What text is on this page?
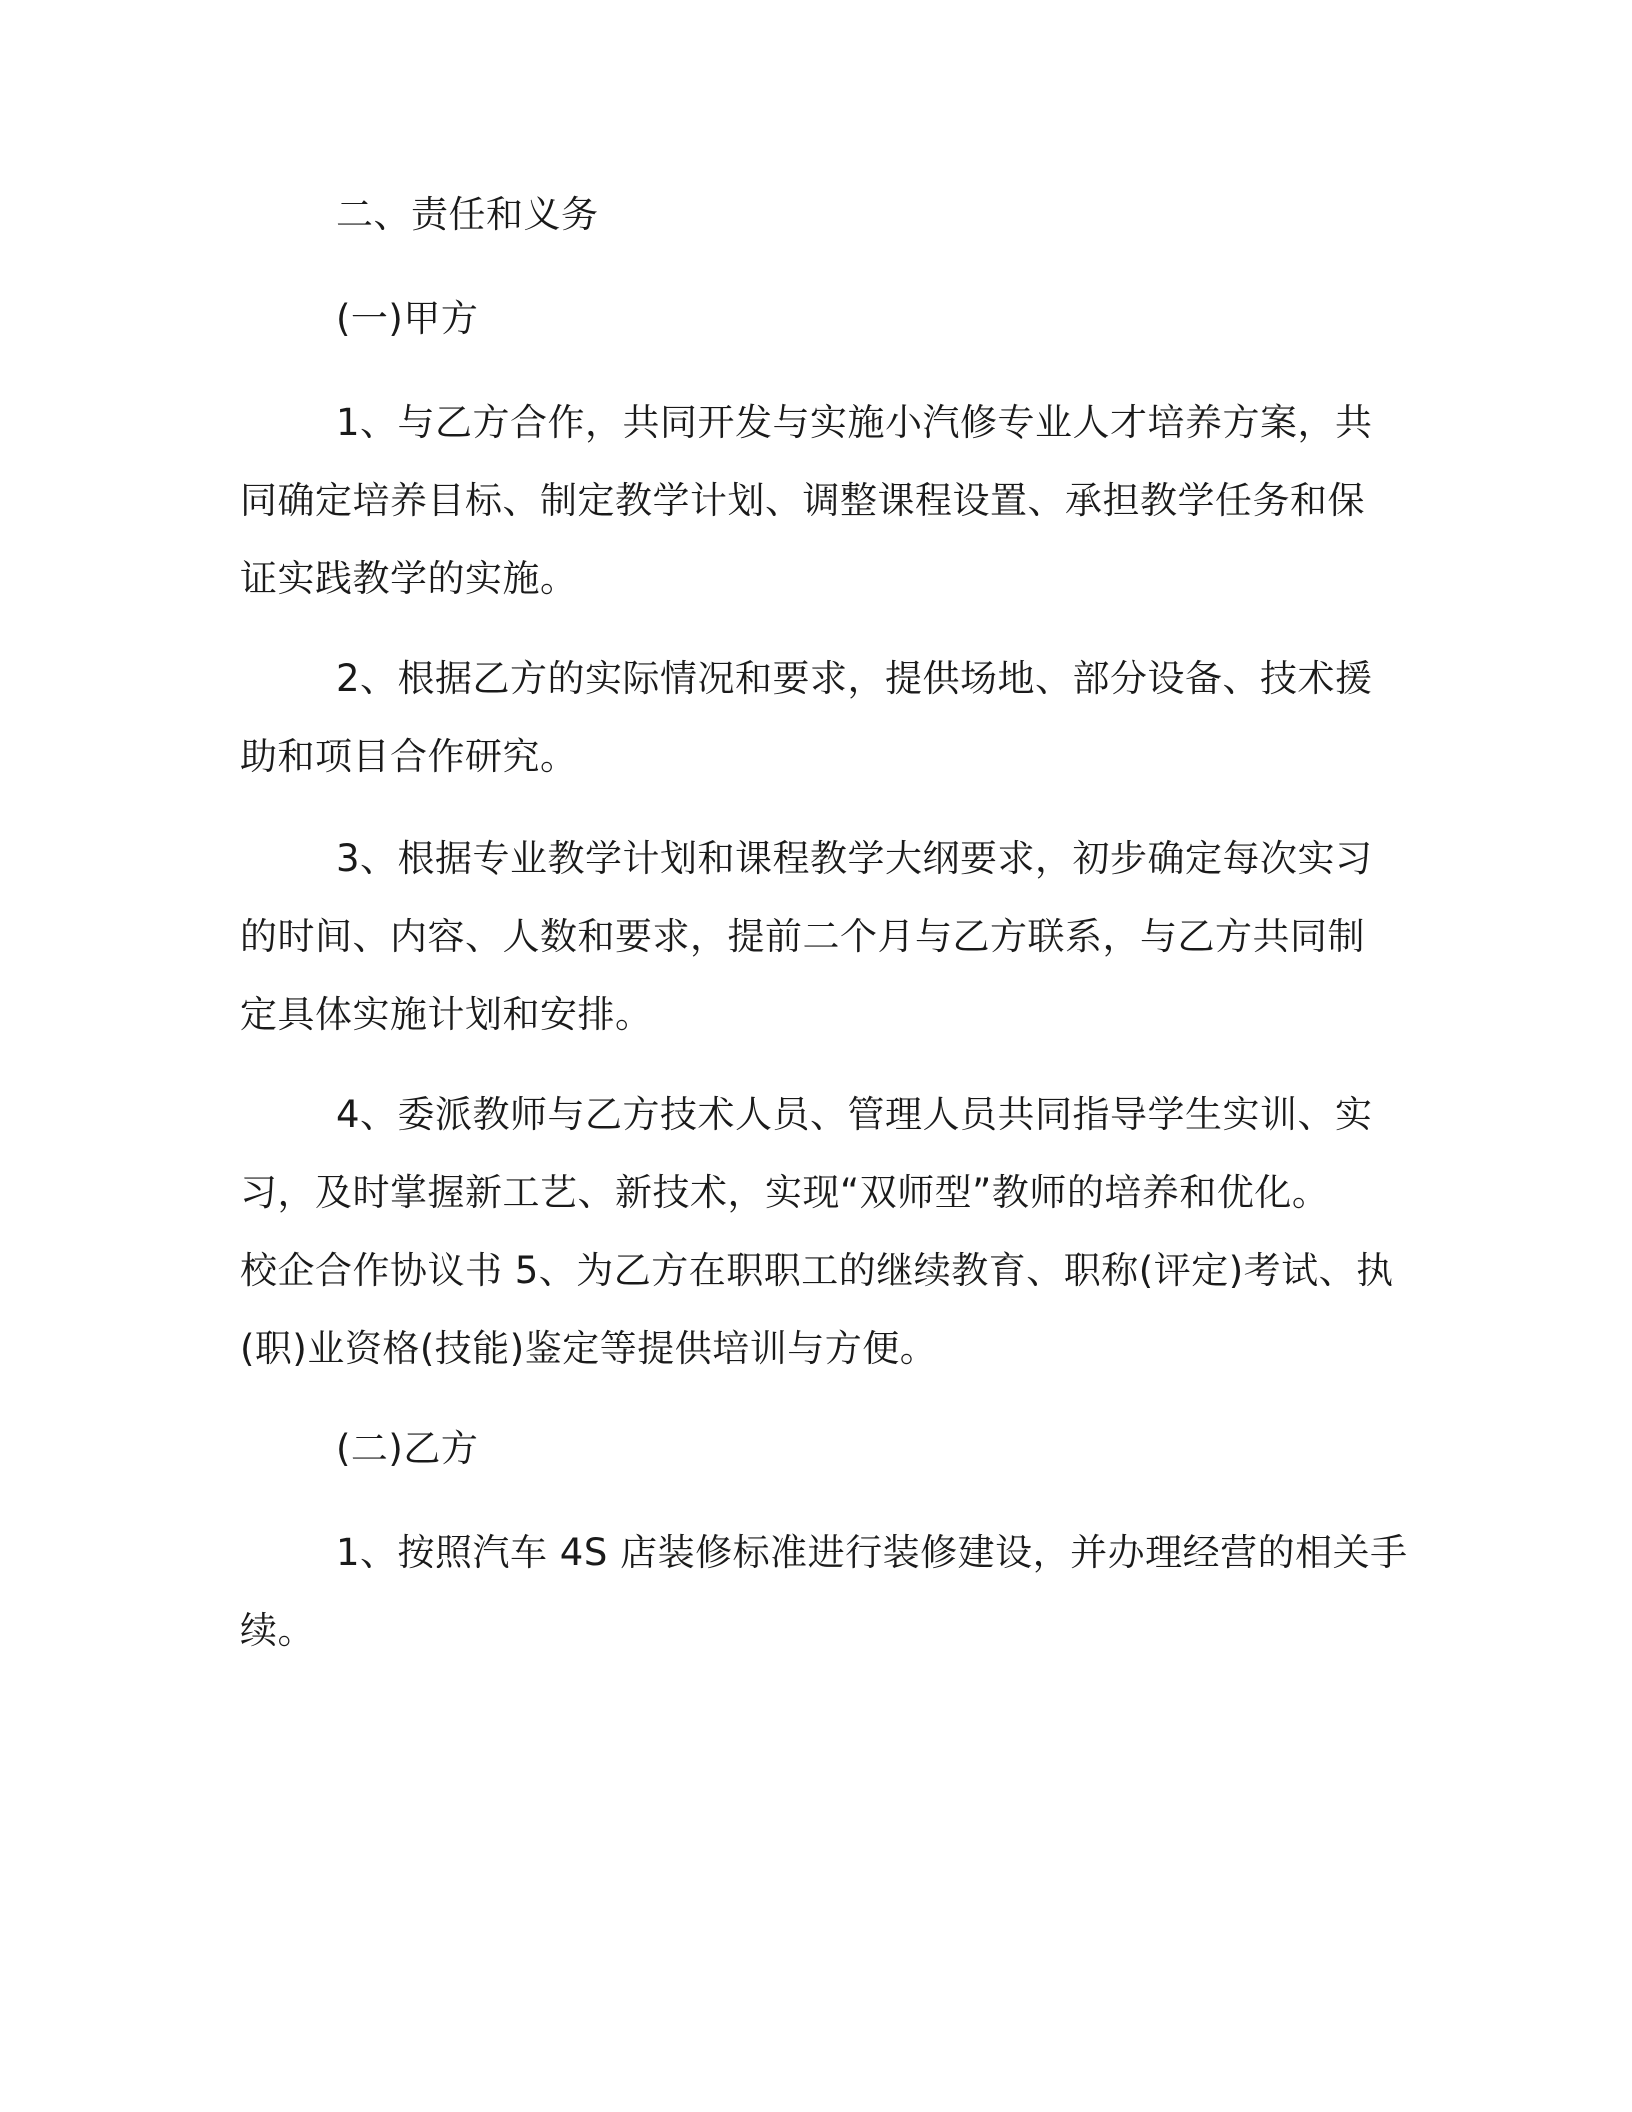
二、责任和义务
(一)甲方
1、与乙方合作，共同开发与实施小汽修专业人才培养方案，共
同确定培养目标、制定教学计划、调整课程设置、承担教学任务和保
证实践教学的实施。
2、根据乙方的实际情况和要求，提供场地、部分设备、技术援
助和项目合作研究。
3、根据专业教学计划和课程教学大纲要求，初步确定每次实习
的时间、内容、人数和要求，提前二个月与乙方联系，与乙方共同制
定具体实施计划和安排。
4、委派教师与乙方技术人员、管理人员共同指导学生实训、实
习，及时掌握新工艺、新技术，实现“双师型”教师的培养和优化。
校企合作协议书 5、为乙方在职职工的继续教育、职称(评定)考试、执
(职)业资格(技能)鉴定等提供培训与方便。
(二)乙方
1、按照汽车 4S 店装修标准进行装修建设，并办理经营的相关手
续。
